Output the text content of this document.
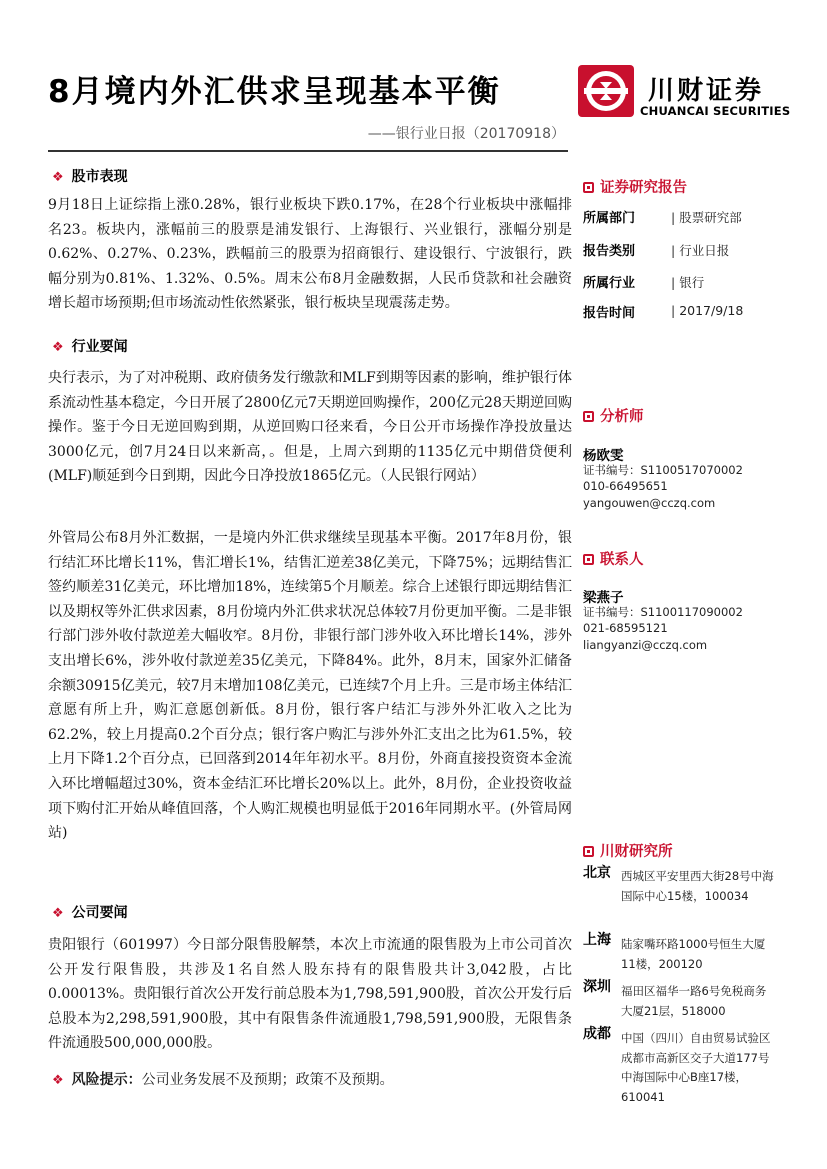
8月境内外汇供求呈现基本平衡
——银行业日报（20170918）
川财证券
CHUANCAI SECURITIES
❖ 股市表现
9月18日上证综指上涨0.28%，银行业板块下跌0.17%，在28个行业板块中涨幅排名23。板块内，涨幅前三的股票是浦发银行、上海银行、兴业银行，涨幅分别是0.62%、0.27%、0.23%，跌幅前三的股票为招商银行、建设银行、宁波银行，跌幅分别为0.81%、1.32%、0.5%。周末公布8月金融数据，人民币贷款和社会融资增长超市场预期;但市场流动性依然紧张，银行板块呈现震荡走势。
❖ 行业要闻
央行表示，为了对冲税期、政府债务发行缴款和MLF到期等因素的影响，维护银行体系流动性基本稳定，今日开展了2800亿元7天期逆回购操作，200亿元28天期逆回购操作。鉴于今日无逆回购到期，从逆回购口径来看，今日公开市场操作净投放量达3000亿元，创7月24日以来新高，。但是，上周六到期的1135亿元中期借贷便利(MLF)顺延到今日到期，因此今日净投放1865亿元。（人民银行网站）
外管局公布8月外汇数据，一是境内外汇供求继续呈现基本平衡。2017年8月份，银行结汇环比增长11%，售汇增长1%，结售汇逆差38亿美元，下降75%；远期结售汇签约顺差31亿美元，环比增加18%，连续第5个月顺差。综合上述银行即远期结售汇以及期权等外汇供求因素，8月份境内外汇供求状况总体较7月份更加平衡。二是非银行部门涉外收付款逆差大幅收窄。8月份，非银行部门涉外收入环比增长14%，涉外支出增长6%，涉外收付款逆差35亿美元，下降84%。此外，8月末，国家外汇储备余额30915亿美元，较7月末增加108亿美元，已连续7个月上升。三是市场主体结汇意愿有所上升，购汇意愿创新低。8月份，银行客户结汇与涉外外汇收入之比为62.2%，较上月提高0.2个百分点；银行客户购汇与涉外外汇支出之比为61.5%，较上月下降1.2个百分点，已回落到2014年年初水平。8月份，外商直接投资资本金流入环比增幅超过30%，资本金结汇环比增长20%以上。此外，8月份，企业投资收益项下购付汇开始从峰值回落，个人购汇规模也明显低于2016年同期水平。(外管局网站)
❖ 公司要闻
贵阳银行（601997）今日部分限售股解禁，本次上市流通的限售股为上市公司首次公开发行限售股，共涉及1名自然人股东持有的限售股共计3,042股，占比0.00013%。贵阳银行首次公开发行前总股本为1,798,591,900股，首次公开发行后总股本为2,298,591,900股，其中有限售条件流通股1,798,591,900股，无限售条件流通股500,000,000股。
❖ 风险提示：公司业务发展不及预期；政策不及预期。
证券研究报告
所属部门	| 股票研究部
报告类别	| 行业日报
所属行业	| 银行
报告时间	| 2017/9/18
分析师
杨欧雯
证书编号：S1100517070002
010-66495651
yangouwen@cczq.com
联系人
梁燕子
证书编号：S1100117090002
021-68595121
liangyanzi@cczq.com
川财研究所
北京 西城区平安里西大街28号中海国际中心15楼，100034
上海 陆家嘴环路1000号恒生大厦11楼，200120
深圳 福田区福华一路6号免税商务大厦21层，518000
成都 中国（四川）自由贸易试验区成都市高新区交子大道177号中海国际中心B座17楼，610041
